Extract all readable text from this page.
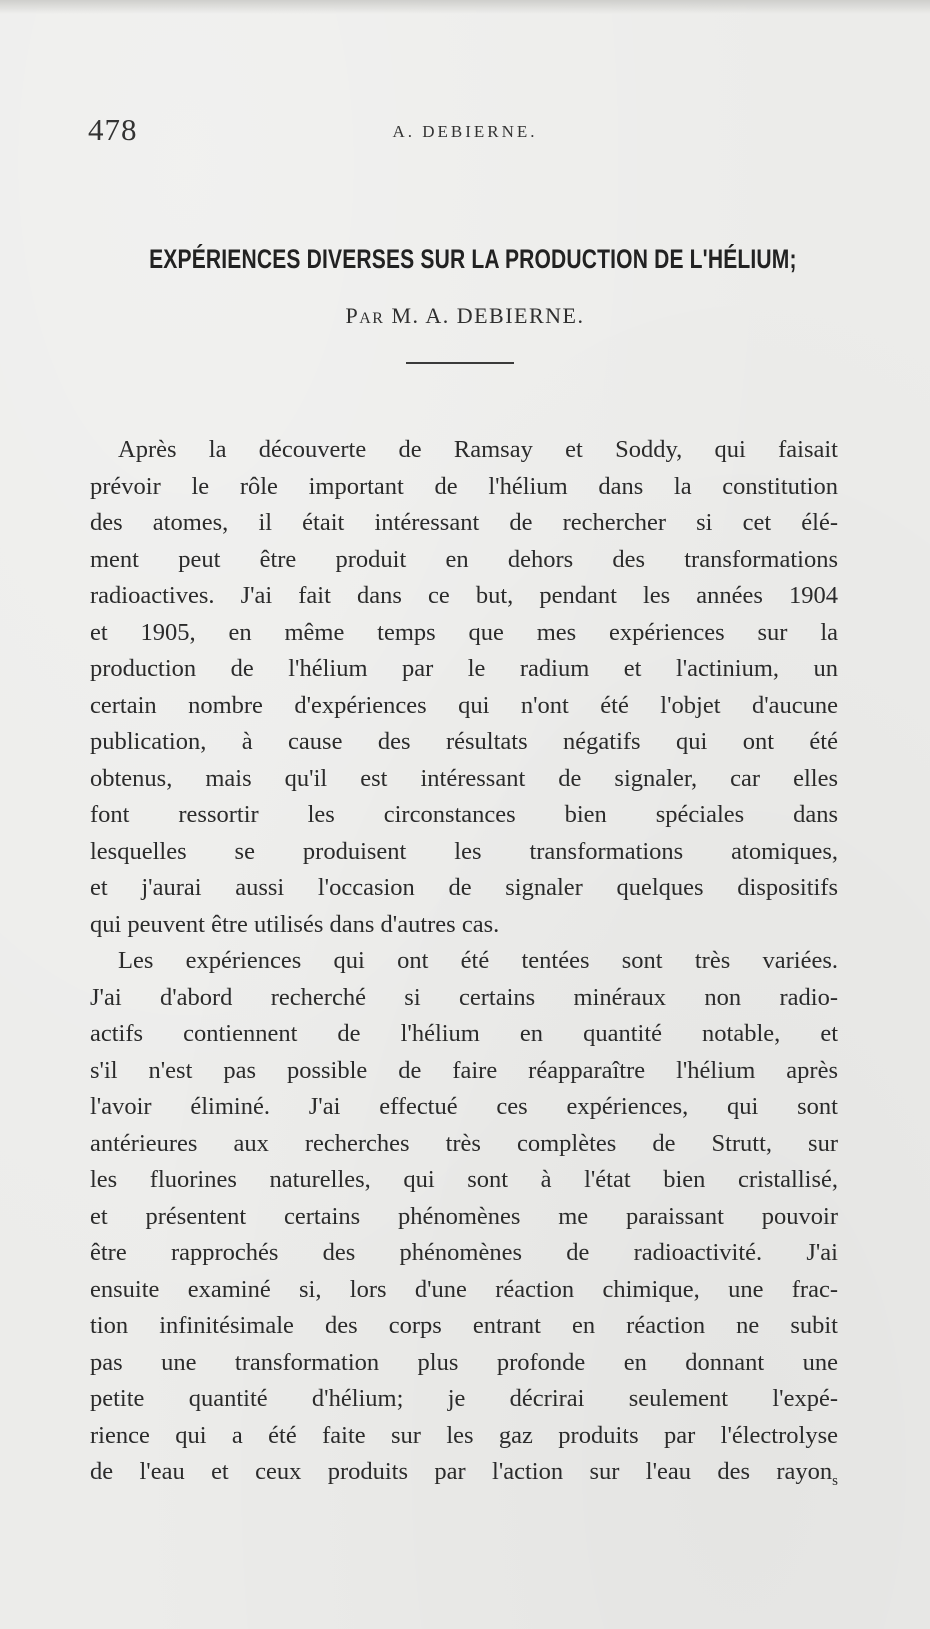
478	A. DEBIERNE.
EXPÉRIENCES DIVERSES SUR LA PRODUCTION DE L'HÉLIUM;
PAR M. A. DEBIERNE.
Après la découverte de Ramsay et Soddy, qui faisait
prévoir le rôle important de l'hélium dans la constitution
des atomes, il était intéressant de rechercher si cet élé-
ment peut être produit en dehors des transformations
radioactives. J'ai fait dans ce but, pendant les années 1904
et 1905, en même temps que mes expériences sur la
production de l'hélium par le radium et l'actinium, un
certain nombre d'expériences qui n'ont été l'objet d'aucune
publication, à cause des résultats négatifs qui ont été
obtenus, mais qu'il est intéressant de signaler, car elles
font ressortir les circonstances bien spéciales dans
lesquelles se produisent les transformations atomiques,
et j'aurai aussi l'occasion de signaler quelques dispositifs
qui peuvent être utilisés dans d'autres cas.
Les expériences qui ont été tentées sont très variées.
J'ai d'abord recherché si certains minéraux non radio-
actifs contiennent de l'hélium en quantité notable, et
s'il n'est pas possible de faire réapparaître l'hélium après
l'avoir éliminé. J'ai effectué ces expériences, qui sont
antérieures aux recherches très complètes de Strutt, sur
les fluorines naturelles, qui sont à l'état bien cristallisé,
et présentent certains phénomènes me paraissant pouvoir
être rapprochés des phénomènes de radioactivité. J'ai
ensuite examiné si, lors d'une réaction chimique, une frac-
tion infinitésimale des corps entrant en réaction ne subit
pas une transformation plus profonde en donnant une
petite quantité d'hélium; je décrirai seulement l'expé-
rience qui a été faite sur les gaz produits par l'électrolyse
de l'eau et ceux produits par l'action sur l'eau des rayon$_s$
